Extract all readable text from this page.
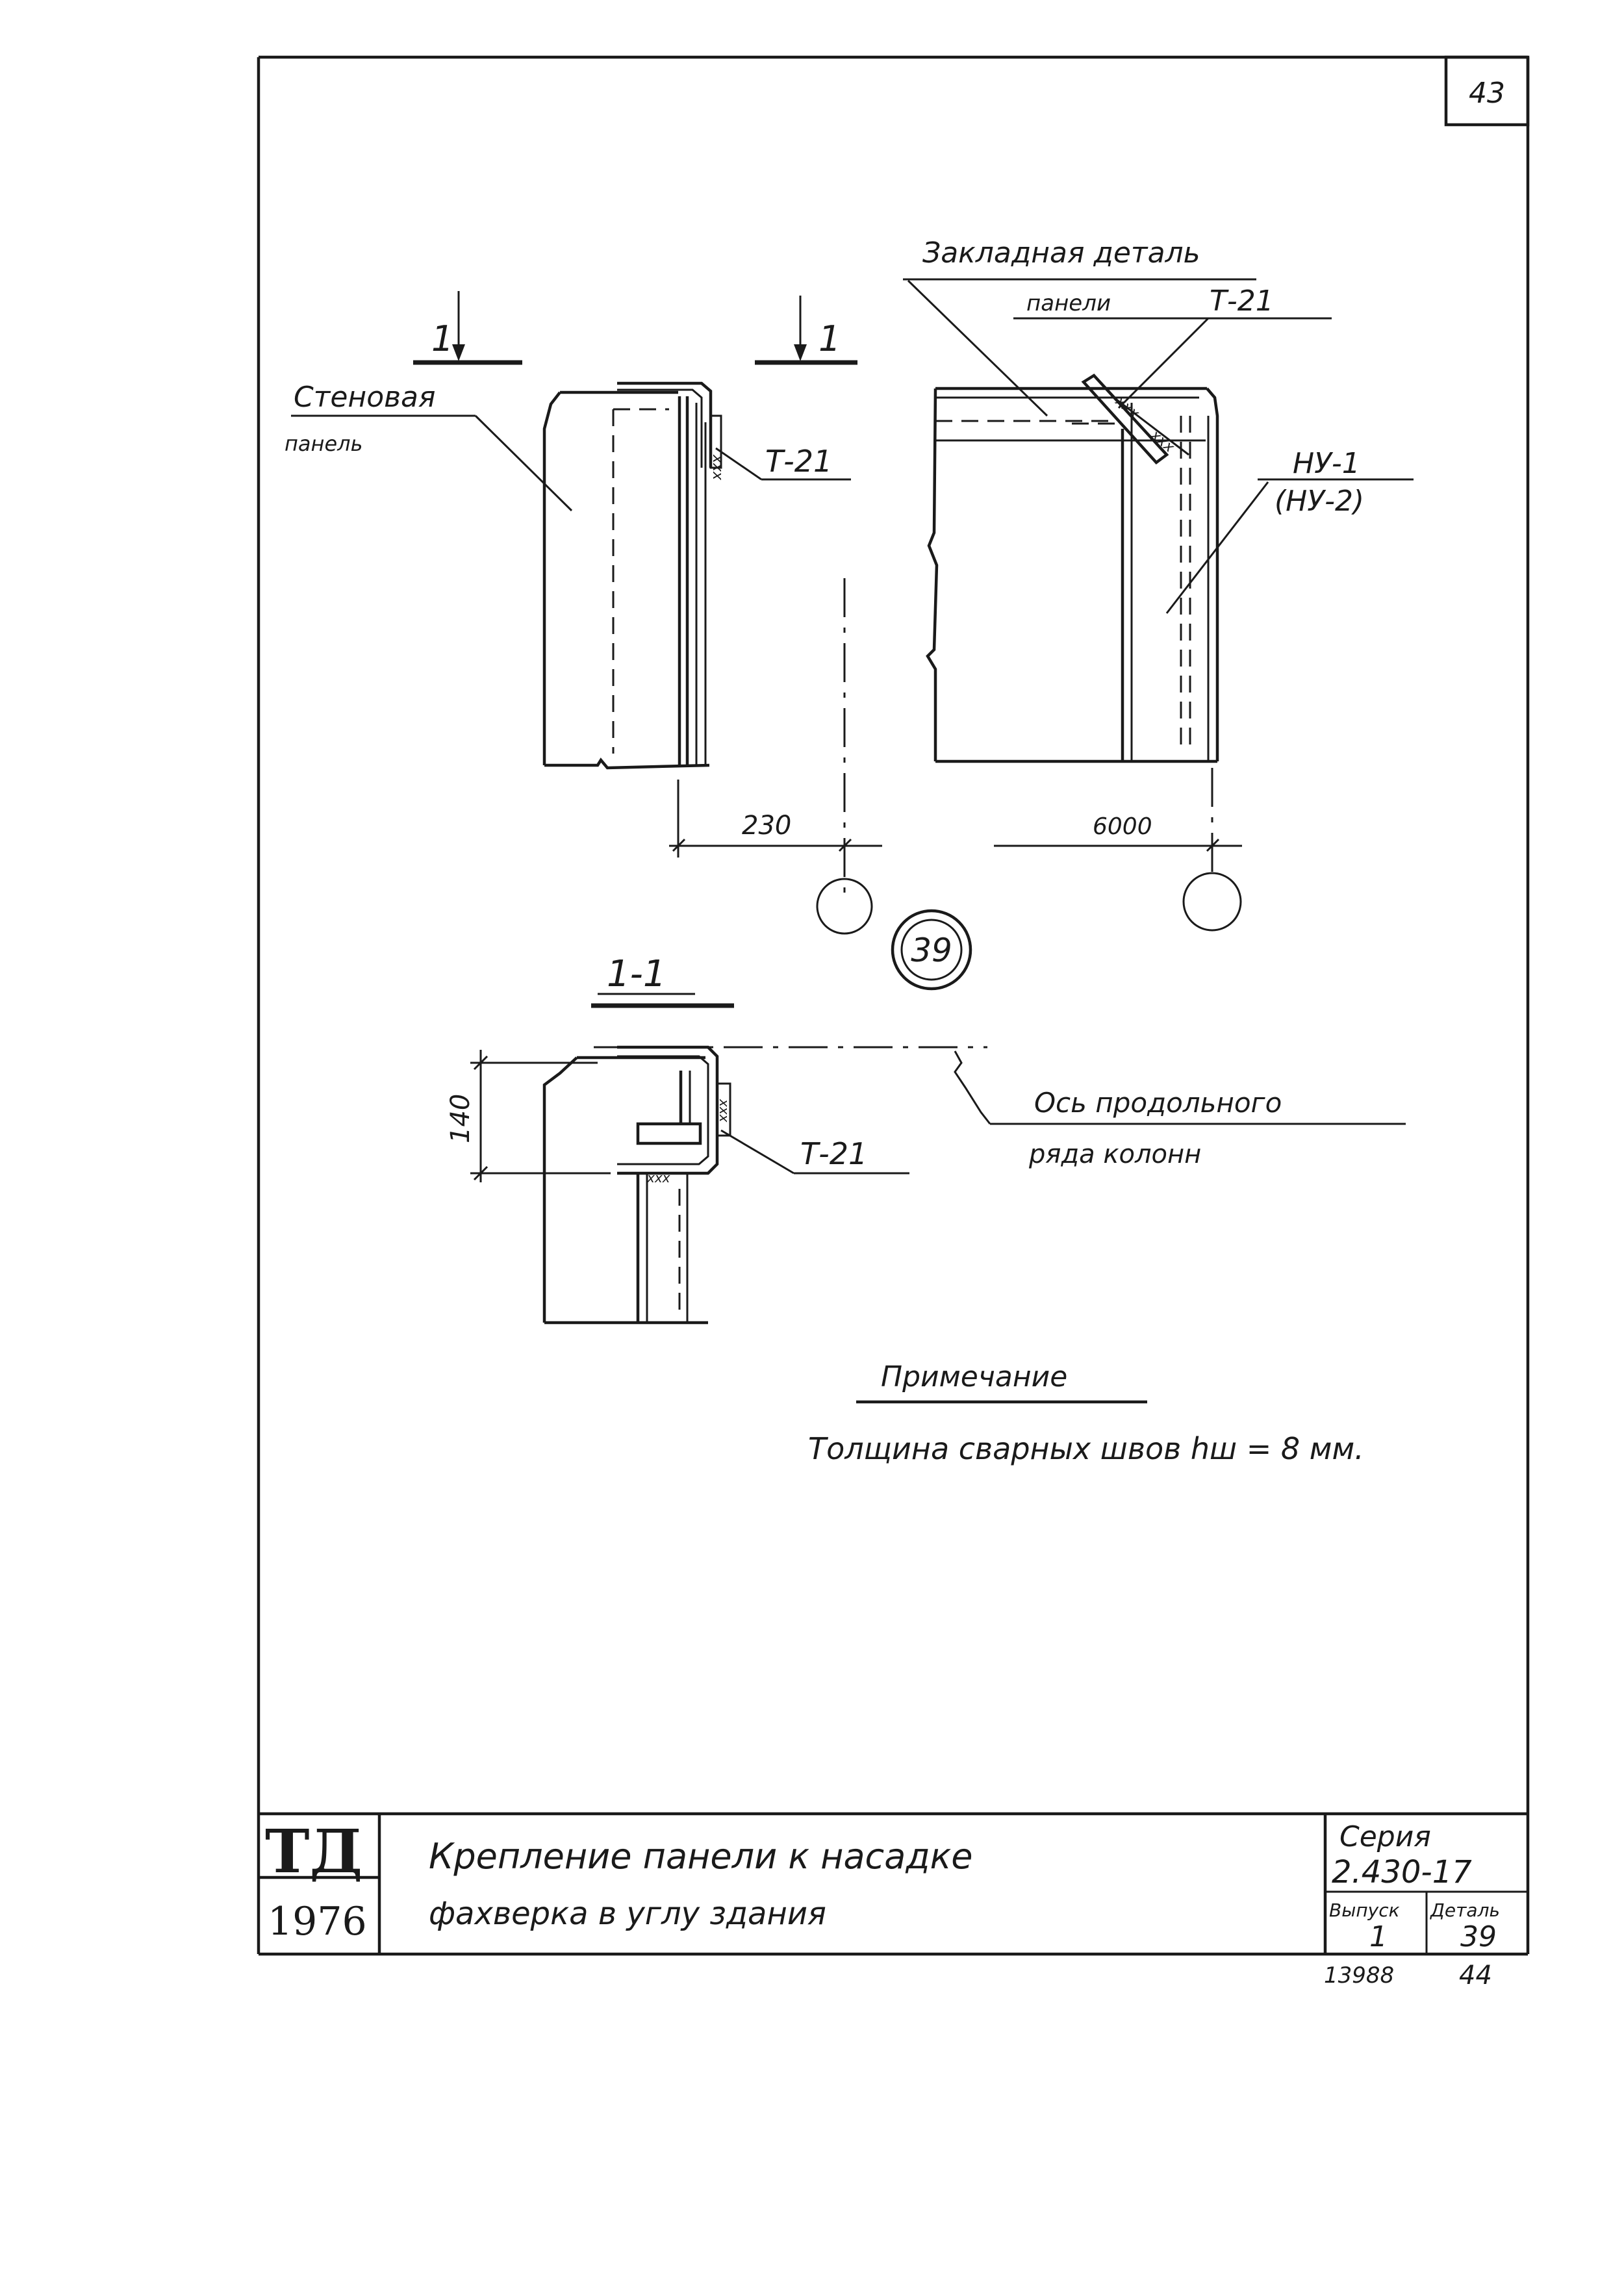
43
1	1
xxx
Стеновая
панель	Т-21
230	6000
39
xxx
xxx
Закладная деталь
панели	Т-21
НУ-1
(НУ-2)
1-1
xxx
xxx
140
Т-21
Ось продольного
ряда колонн
Примечание
Толщина сварных швов hш = 8 мм.
ТД
1976
Крепление панели к насадке
фахверка в углу здания
Серия
2.430-17
Выпуск
1
Деталь
39
13988 44
